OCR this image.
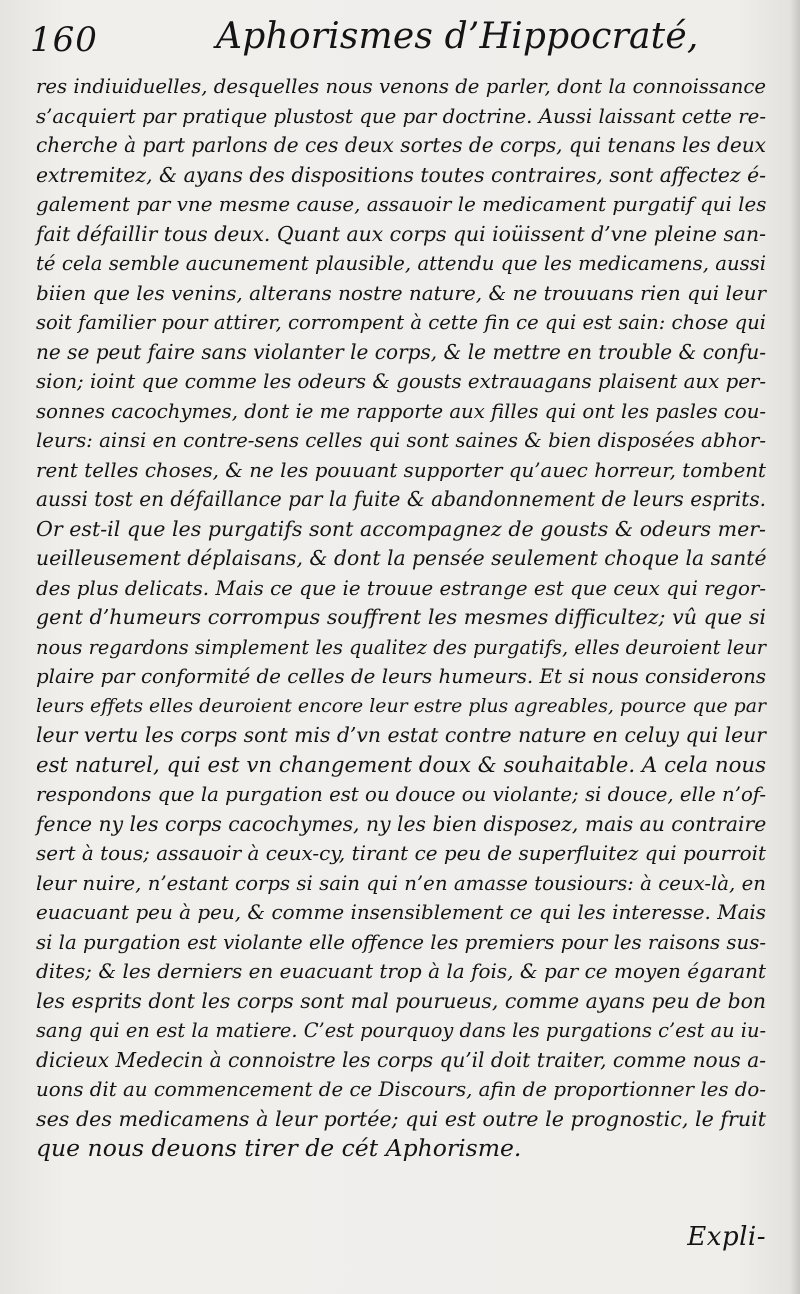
160	Aphorismes d’Hippocraté,
res indiuiduelles, desquelles nous venons de parler, dont la connoissance
s’acquiert par pratique plustost que par doctrine. Aussi laissant cette re-
cherche à part parlons de ces deux sortes de corps, qui tenans les deux
extremitez, & ayans des dispositions toutes contraires, sont affectez é-
galement par vne mesme cause, assauoir le medicament purgatif qui les
fait défaillir tous deux. Quant aux corps qui ioüissent d’vne pleine san-
té cela semble aucunement plausible, attendu que les medicamens, aussi
biien que les venins, alterans nostre nature, & ne trouuans rien qui leur
soit familier pour attirer, corrompent à cette fin ce qui est sain: chose qui
ne se peut faire sans violanter le corps, & le mettre en trouble & confu-
sion; ioint que comme les odeurs & gousts extrauagans plaisent aux per-
sonnes cacochymes, dont ie me rapporte aux filles qui ont les pasles cou-
leurs: ainsi en contre-sens celles qui sont saines & bien disposées abhor-
rent telles choses, & ne les pouuant supporter qu’auec horreur, tombent
aussi tost en défaillance par la fuite & abandonnement de leurs esprits.
Or est-il que les purgatifs sont accompagnez de gousts & odeurs mer-
ueilleusement déplaisans, & dont la pensée seulement choque la santé
des plus delicats. Mais ce que ie trouue estrange est que ceux qui regor-
gent d’humeurs corrompus souffrent les mesmes difficultez; vû que si
nous regardons simplement les qualitez des purgatifs, elles deuroient leur
plaire par conformité de celles de leurs humeurs. Et si nous considerons
leurs effets elles deuroient encore leur estre plus agreables, pource que par
leur vertu les corps sont mis d’vn estat contre nature en celuy qui leur
est naturel, qui est vn changement doux & souhaitable. A cela nous
respondons que la purgation est ou douce ou violante; si douce, elle n’of-
fence ny les corps cacochymes, ny les bien disposez, mais au contraire
sert à tous; assauoir à ceux-cy, tirant ce peu de superfluitez qui pourroit
leur nuire, n’estant corps si sain qui n’en amasse tousiours: à ceux-là, en
euacuant peu à peu, & comme insensiblement ce qui les interesse. Mais
si la purgation est violante elle offence les premiers pour les raisons sus-
dites; & les derniers en euacuant trop à la fois, & par ce moyen égarant
les esprits dont les corps sont mal pourueus, comme ayans peu de bon
sang qui en est la matiere. C’est pourquoy dans les purgations c’est au iu-
dicieux Medecin à connoistre les corps qu’il doit traiter, comme nous a-
uons dit au commencement de ce Discours, afin de proportionner les do-
ses des medicamens à leur portée; qui est outre le prognostic, le fruit
que nous deuons tirer de cét Aphorisme.
Expli-
